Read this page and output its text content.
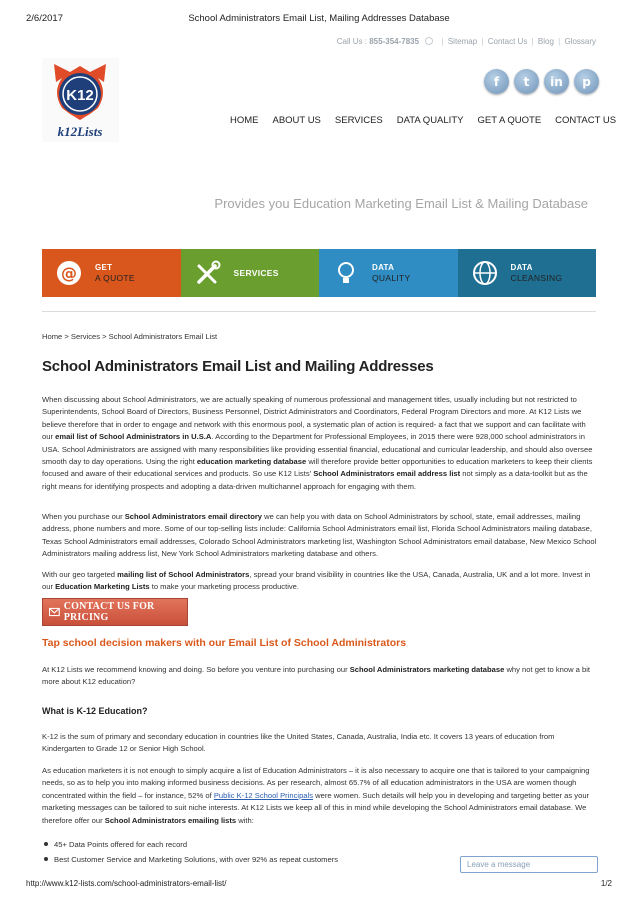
2/6/2017	School Administrators Email List, Mailing Addresses Database
Call Us : 855-354-7835	| Sitemap | Contact Us | Blog | Glossary
K12
k12Lists
f	t	in	p
HOME ABOUT US SERVICES DATA QUALITY GET A QUOTE CONTACT US
Provides you Education Marketing Email List & Mailing Database
@ GET
A QUOTE
SERVICES	DATA
QUALITY
DATA
CLEANSING
Home > Services > School Administrators Email List
School Administrators Email List and Mailing Addresses

When discussing about School Administrators, we are actually speaking of numerous professional and management titles, usually including but not restricted to Superintendents, School Board of Directors, Business Personnel, District Administrators and Coordinators, Federal Program Directors and more. At K12 Lists we believe therefore that in order to engage and network with this enormous pool, a systematic plan of action is required- a fact that we support and can facilitate with our email list of School Administrators in U.S.A. According to the Department for Professional Employees, in 2015 there were 928,000 school administrators in USA. School Administrators are assigned with many responsibilities like providing essential financial, educational and curricular leadership, and should also oversee smooth day to day operations. Using the right education marketing database will therefore provide better opportunities to education marketers to keep their clients focused and aware of their educational services and products. So use K12 Lists' School Administrators email address list not simply as a data-toolkit but as the right means for identifying prospects and adopting a data-driven multichannel approach for engaging with them.

When you purchase our School Administrators email directory we can help you with data on School Administrators by school, state, email addresses, mailing address, phone numbers and more. Some of our top-selling lists include: California School Administrators email list, Florida School Administrators mailing database, Texas School Administrators email addresses, Colorado School Administrators marketing list, Washington School Administrators email database, New Mexico School Administrators mailing address list, New York School Administrators marketing database and others.

With our geo targeted mailing list of School Administrators, spread your brand visibility in countries like the USA, Canada, Australia, UK and a lot more. Invest in our Education Marketing Lists to make your marketing process productive.

CONTACT US FOR PRICING
Tap school decision makers with our Email List of School Administrators

At K12 Lists we recommend knowing and doing. So before you venture into purchasing our School Administrators marketing database why not get to know a bit more about K12 education?

What is K-12 Education?

K-12 is the sum of primary and secondary education in countries like the United States, Canada, Australia, India etc. It covers 13 years of education from Kindergarten to Grade 12 or Senior High School.

As education marketers it is not enough to simply acquire a list of Education Administrators – it is also necessary to acquire one that is tailored to your campaigning needs, so as to help you into making informed business decisions. As per research, almost 65.7% of all education administrators in the USA are women though concentrated within the field – for instance, 52% of Public K-12 School Principals were women. Such details will help you in developing and targeting better as your marketing messages can be tailored to suit niche interests. At K12 Lists we keep all of this in mind while developing the School Administrators email database. We therefore offer our School Administrators emailing lists with:

45+ Data Points offered for each record
Best Customer Service and Marketing Solutions, with over 92% as repeat customers
Leave a message
http://www.k12-lists.com/school-administrators-email-list/	1/2
